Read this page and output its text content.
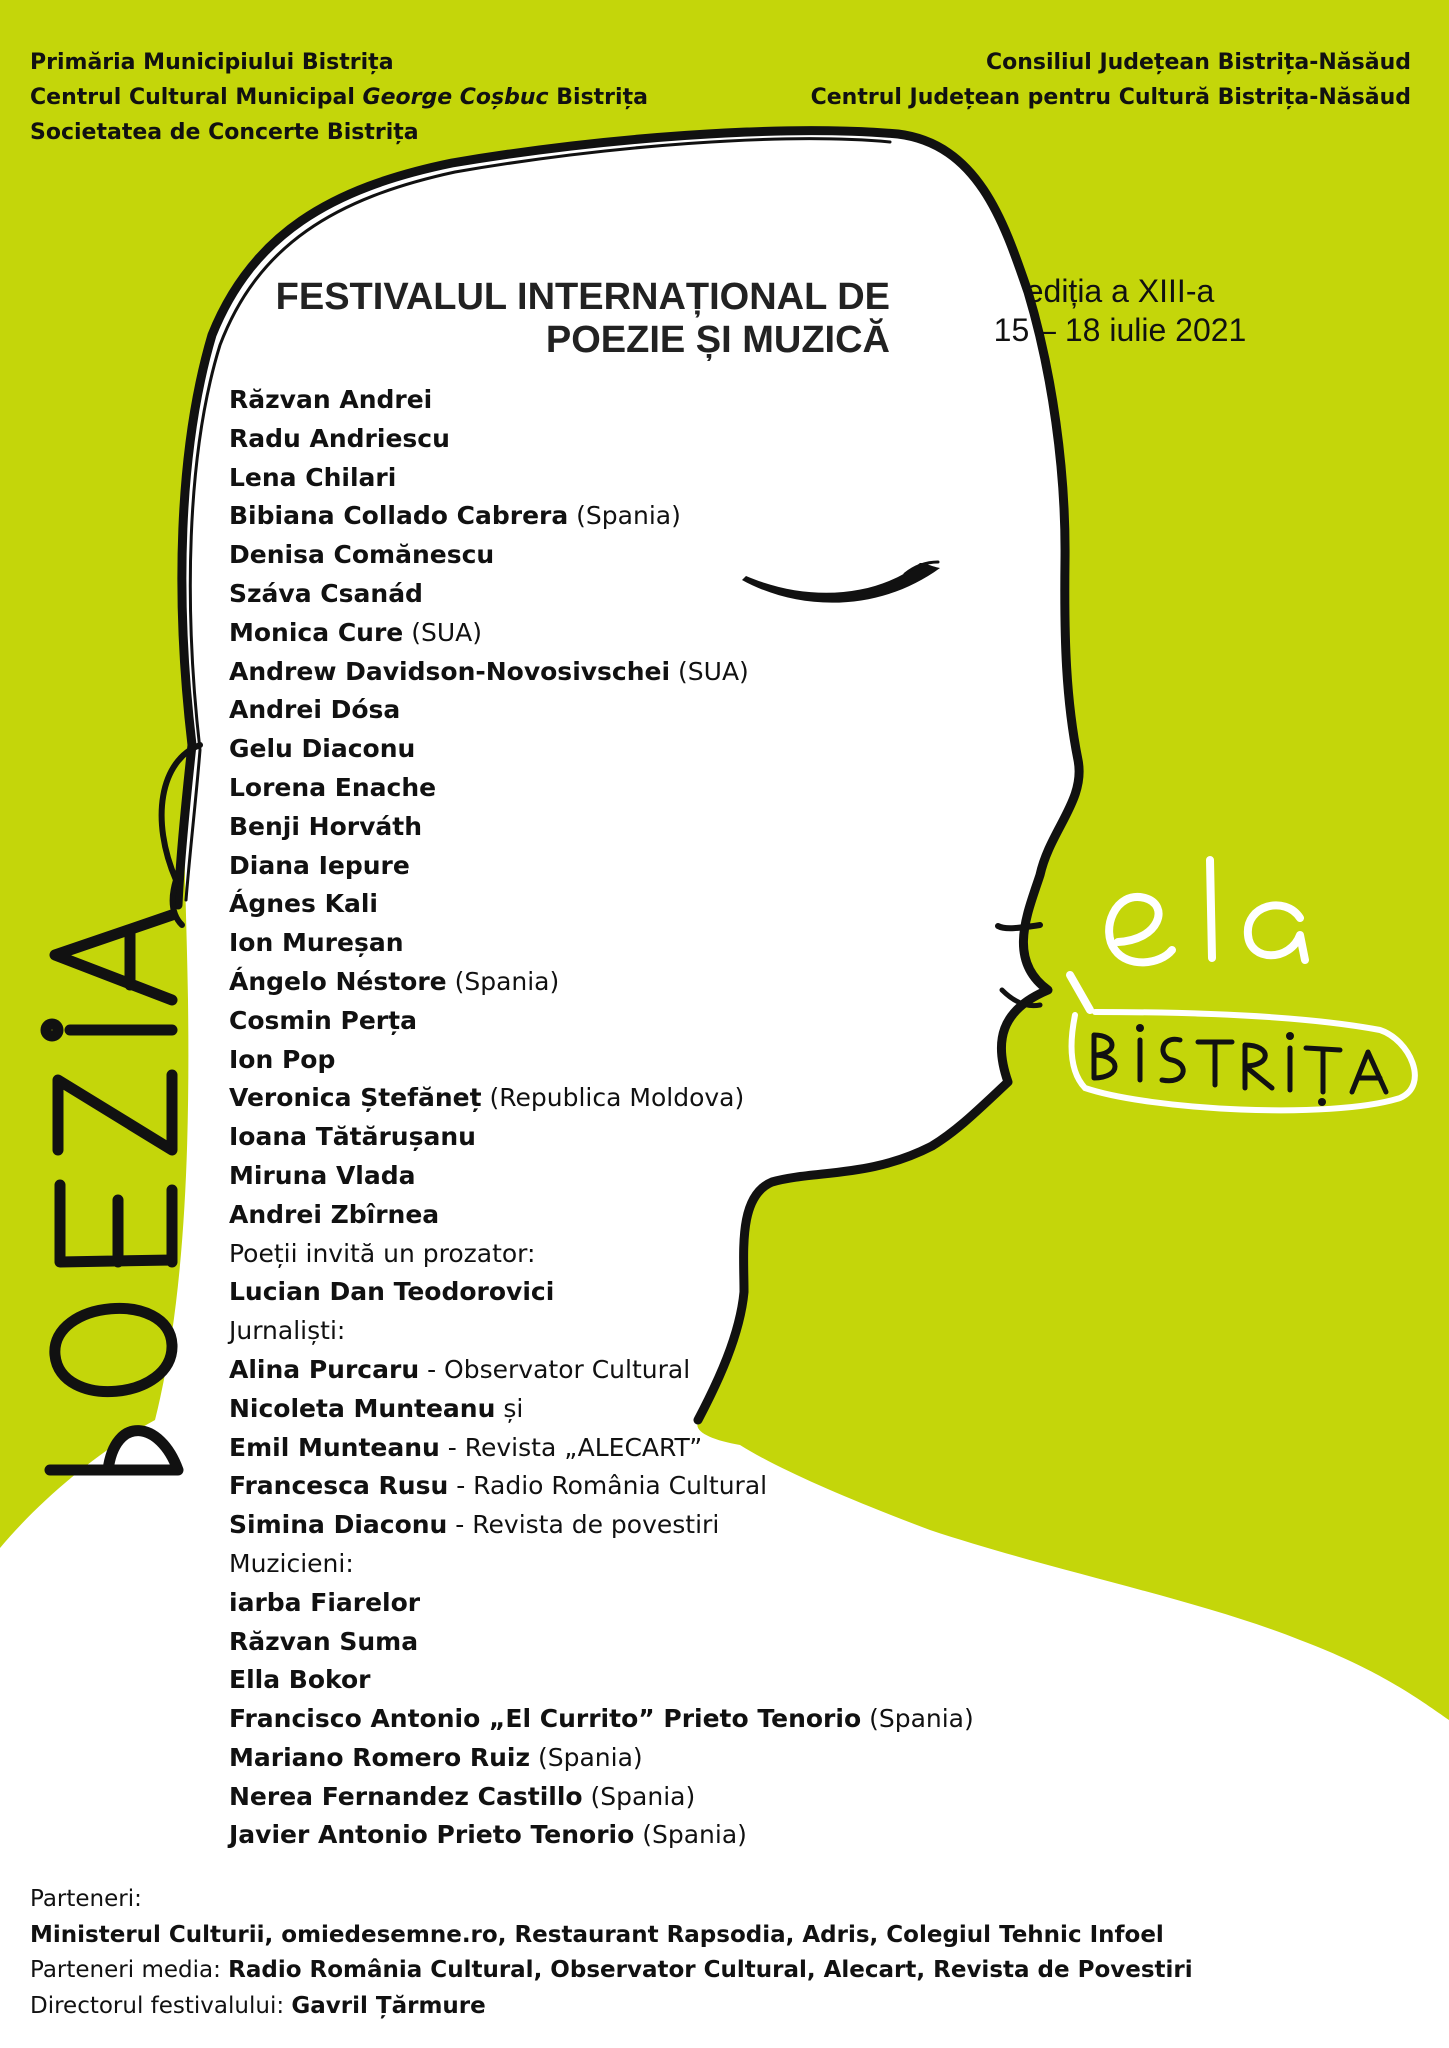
Primăria Municipiului Bistrița
Centrul Cultural Municipal George Coșbuc Bistrița
Societatea de Concerte Bistrița
Consiliul Județean Bistrița-Năsăud
Centrul Județean pentru Cultură Bistrița-Năsăud
FESTIVALUL INTERNAȚIONAL DE
POEZIE ȘI MUZICĂ
ediția a XIII-a
15 – 18 iulie 2021
Răzvan Andrei
Radu Andriescu
Lena Chilari
Bibiana Collado Cabrera (Spania)
Denisa Comănescu
Száva Csanád
Monica Cure (SUA)
Andrew Davidson-Novosivschei (SUA)
Andrei Dósa
Gelu Diaconu
Lorena Enache
Benji Horváth
Diana Iepure
Ágnes Kali
Ion Mureșan
Ángelo Néstore (Spania)
Cosmin Perța
Ion Pop
Veronica Ștefăneț (Republica Moldova)
Ioana Tătărușanu
Miruna Vlada
Andrei Zbîrnea
Poeții invită un prozator:
Lucian Dan Teodorovici
Jurnaliști:
Alina Purcaru - Observator Cultural
Nicoleta Munteanu și
Emil Munteanu - Revista „ALECART”
Francesca Rusu - Radio România Cultural
Simina Diaconu - Revista de povestiri
Muzicieni:
iarba Fiarelor
Răzvan Suma
Ella Bokor
Francisco Antonio „El Currito” Prieto Tenorio (Spania)
Mariano Romero Ruiz (Spania)
Nerea Fernandez Castillo (Spania)
Javier Antonio Prieto Tenorio (Spania)
Parteneri:
Ministerul Culturii, omiedesemne.ro, Restaurant Rapsodia, Adris, Colegiul Tehnic Infoel
Parteneri media: Radio România Cultural, Observator Cultural, Alecart, Revista de Povestiri
Directorul festivalului: Gavril Țărmure
AC/E
ACCIÓN CULTURAL
ESPAÑOLA
